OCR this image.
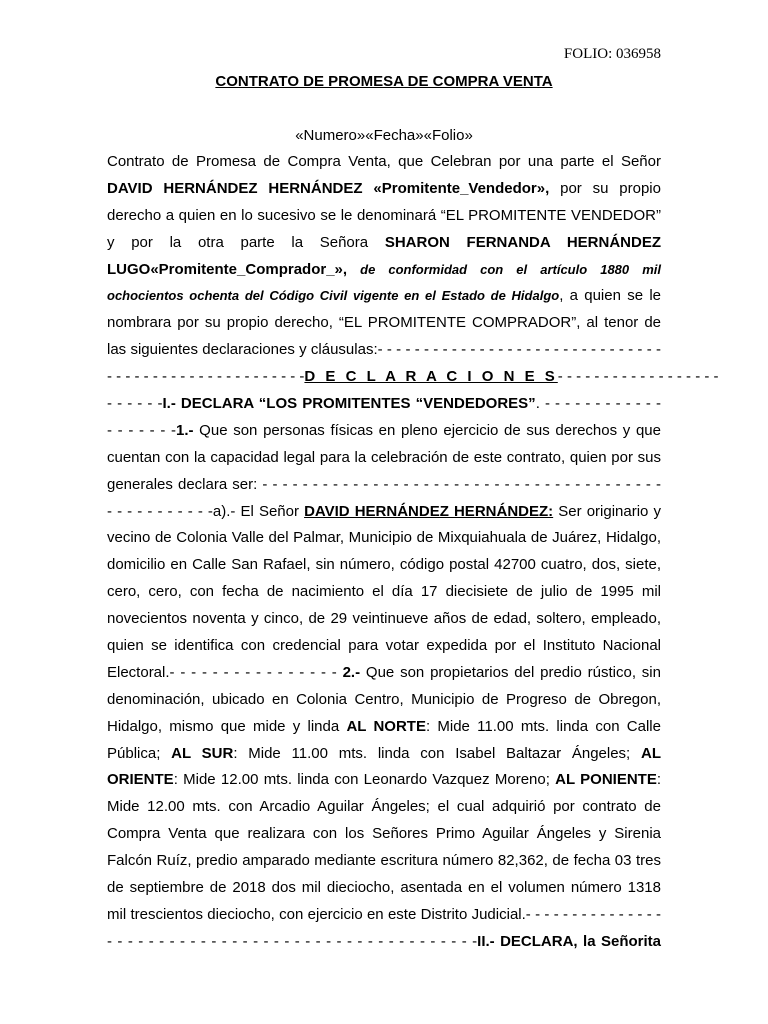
FOLIO: 036958
CONTRATO DE PROMESA DE COMPRA VENTA
«Numero»«Fecha»«Folio»
Contrato de Promesa de Compra Venta, que Celebran por una parte el Señor
DAVID HERNÁNDEZ HERNÁNDEZ «Promitente_Vendedor», por su propio
derecho a quien en lo sucesivo se le denominará “EL PROMITENTE VENDEDOR”
y por la otra parte la Señora SHARON FERNANDA HERNÁNDEZ
LUGO«Promitente_Comprador_», de conformidad con el artículo 1880 mil
ochocientos ochenta del Código Civil vigente en el Estado de Hidalgo, a quien se le
nombrara por su propio derecho, “EL PROMITENTE COMPRADOR”, al tenor de
las siguientes declaraciones y cláusulas:- - - - - - - - - - - - - - - - - - - - - - - - - - - - - - -
- - - - - - - - - - - - - - - - - - - - - -D E C L A R A C I O N E S- - - - - - - - - - - - - - - - - -
- - - - - -I.- DECLARA “LOS PROMITENTES “VENDEDORES”. - - - - - - - - - - - -
- - - - - - -1.- Que son personas físicas en pleno ejercicio de sus derechos y que
cuentan con la capacidad legal para la celebración de este contrato, quien por sus
generales declara ser: - - - - - - - - - - - - - - - - - - - - - - - - - - - - - - - - - - - - - - - -
- - - - - - - - - - -a).- El Señor DAVID HERNÁNDEZ HERNÁNDEZ: Ser originario y
vecino de Colonia Valle del Palmar, Municipio de Mixquiahuala de Juárez, Hidalgo,
domicilio en Calle San Rafael, sin número, código postal 42700 cuatro, dos, siete,
cero, cero, con fecha de nacimiento el día 17 diecisiete de julio de 1995 mil
novecientos noventa y cinco, de 29 veintinueve años de edad, soltero, empleado,
quien se identifica con credencial para votar expedida por el Instituto Nacional
Electoral.- - - - - - - - - - - - - - - - 2.- Que son propietarios del predio rústico, sin
denominación, ubicado en Colonia Centro, Municipio de Progreso de Obregon,
Hidalgo, mismo que mide y linda AL NORTE: Mide 11.00 mts. linda con Calle
Pública; AL SUR: Mide 11.00 mts. linda con Isabel Baltazar Ángeles; AL
ORIENTE: Mide 12.00 mts. linda con Leonardo Vazquez Moreno; AL PONIENTE:
Mide 12.00 mts. con Arcadio Aguilar Ángeles; el cual adquirió por contrato de
Compra Venta que realizara con los Señores Primo Aguilar Ángeles y Sirenia
Falcón Ruíz, predio amparado mediante escritura número 82,362, de fecha 03 tres
de septiembre de 2018 dos mil dieciocho, asentada en el volumen número 1318
mil trescientos dieciocho, con ejercicio en este Distrito Judicial.- - - - - - - - - - - - - - -
- - - - - - - - - - - - - - - - - - - - - - - - - - - - - - - - - - - -II.- DECLARA, la Señorita
